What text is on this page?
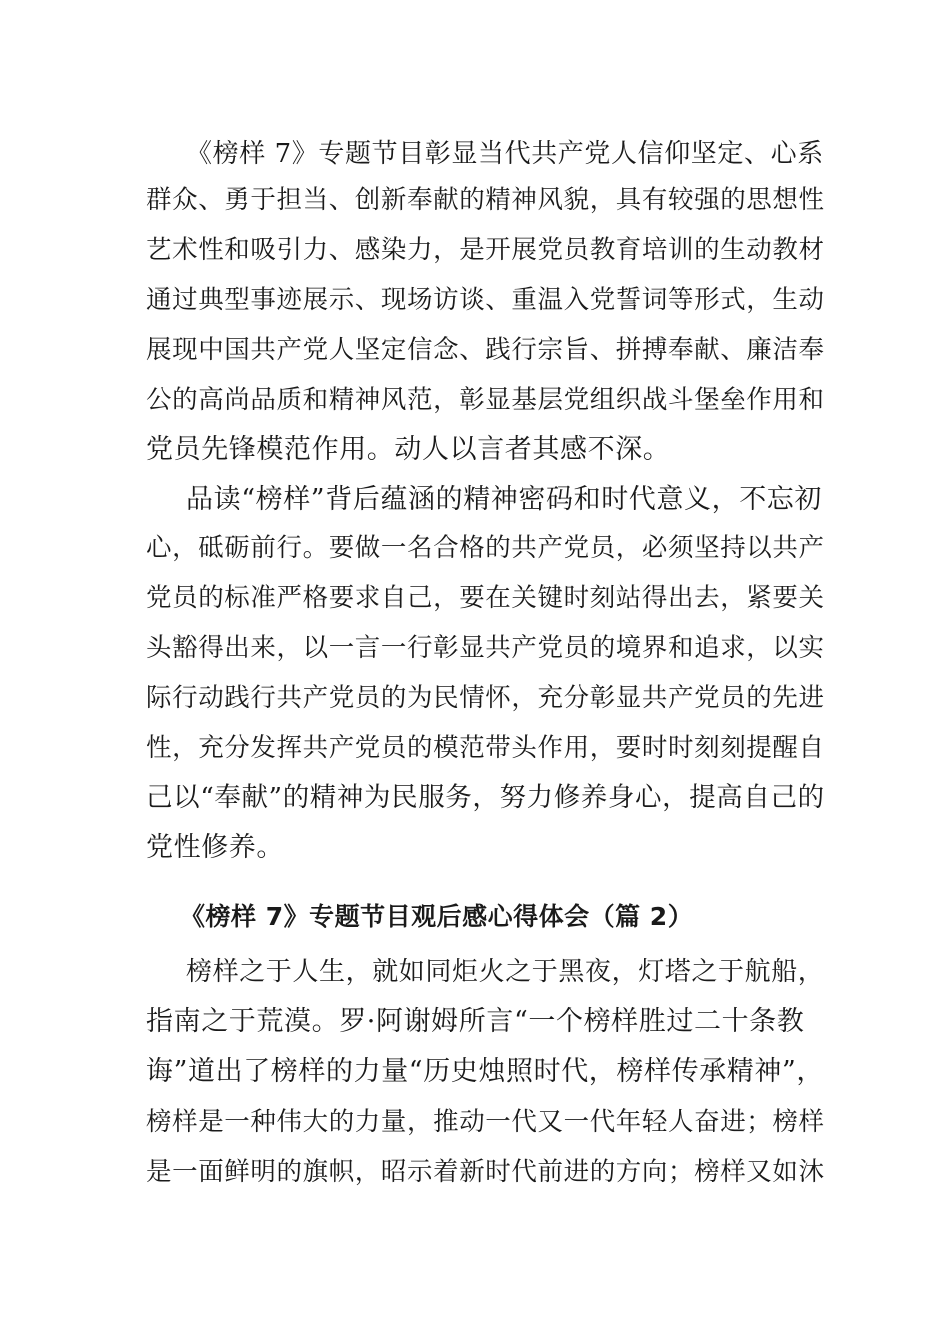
《榜样 7》专题节目彰显当代共产党人信仰坚定、心系
群众、勇于担当、创新奉献的精神风貌，具有较强的思想性
艺术性和吸引力、感染力，是开展党员教育培训的生动教材
通过典型事迹展示、现场访谈、重温入党誓词等形式，生动
展现中国共产党人坚定信念、践行宗旨、拼搏奉献、廉洁奉
公的高尚品质和精神风范，彰显基层党组织战斗堡垒作用和
党员先锋模范作用。动人以言者其感不深。
品读“榜样”背后蕴涵的精神密码和时代意义，不忘初
心，砥砺前行。要做一名合格的共产党员，必须坚持以共产
党员的标准严格要求自己，要在关键时刻站得出去，紧要关
头豁得出来，以一言一行彰显共产党员的境界和追求，以实
际行动践行共产党员的为民情怀，充分彰显共产党员的先进
性，充分发挥共产党员的模范带头作用，要时时刻刻提醒自
己以“奉献”的精神为民服务，努力修养身心，提高自己的
党性修养。
《榜样 7》专题节目观后感心得体会（篇 2）
榜样之于人生，就如同炬火之于黑夜，灯塔之于航船，
指南之于荒漠。罗·阿谢姆所言“一个榜样胜过二十条教
诲”道出了榜样的力量“历史烛照时代，榜样传承精神”，
榜样是一种伟大的力量，推动一代又一代年轻人奋进；榜样
是一面鲜明的旗帜，昭示着新时代前进的方向；榜样又如沐
